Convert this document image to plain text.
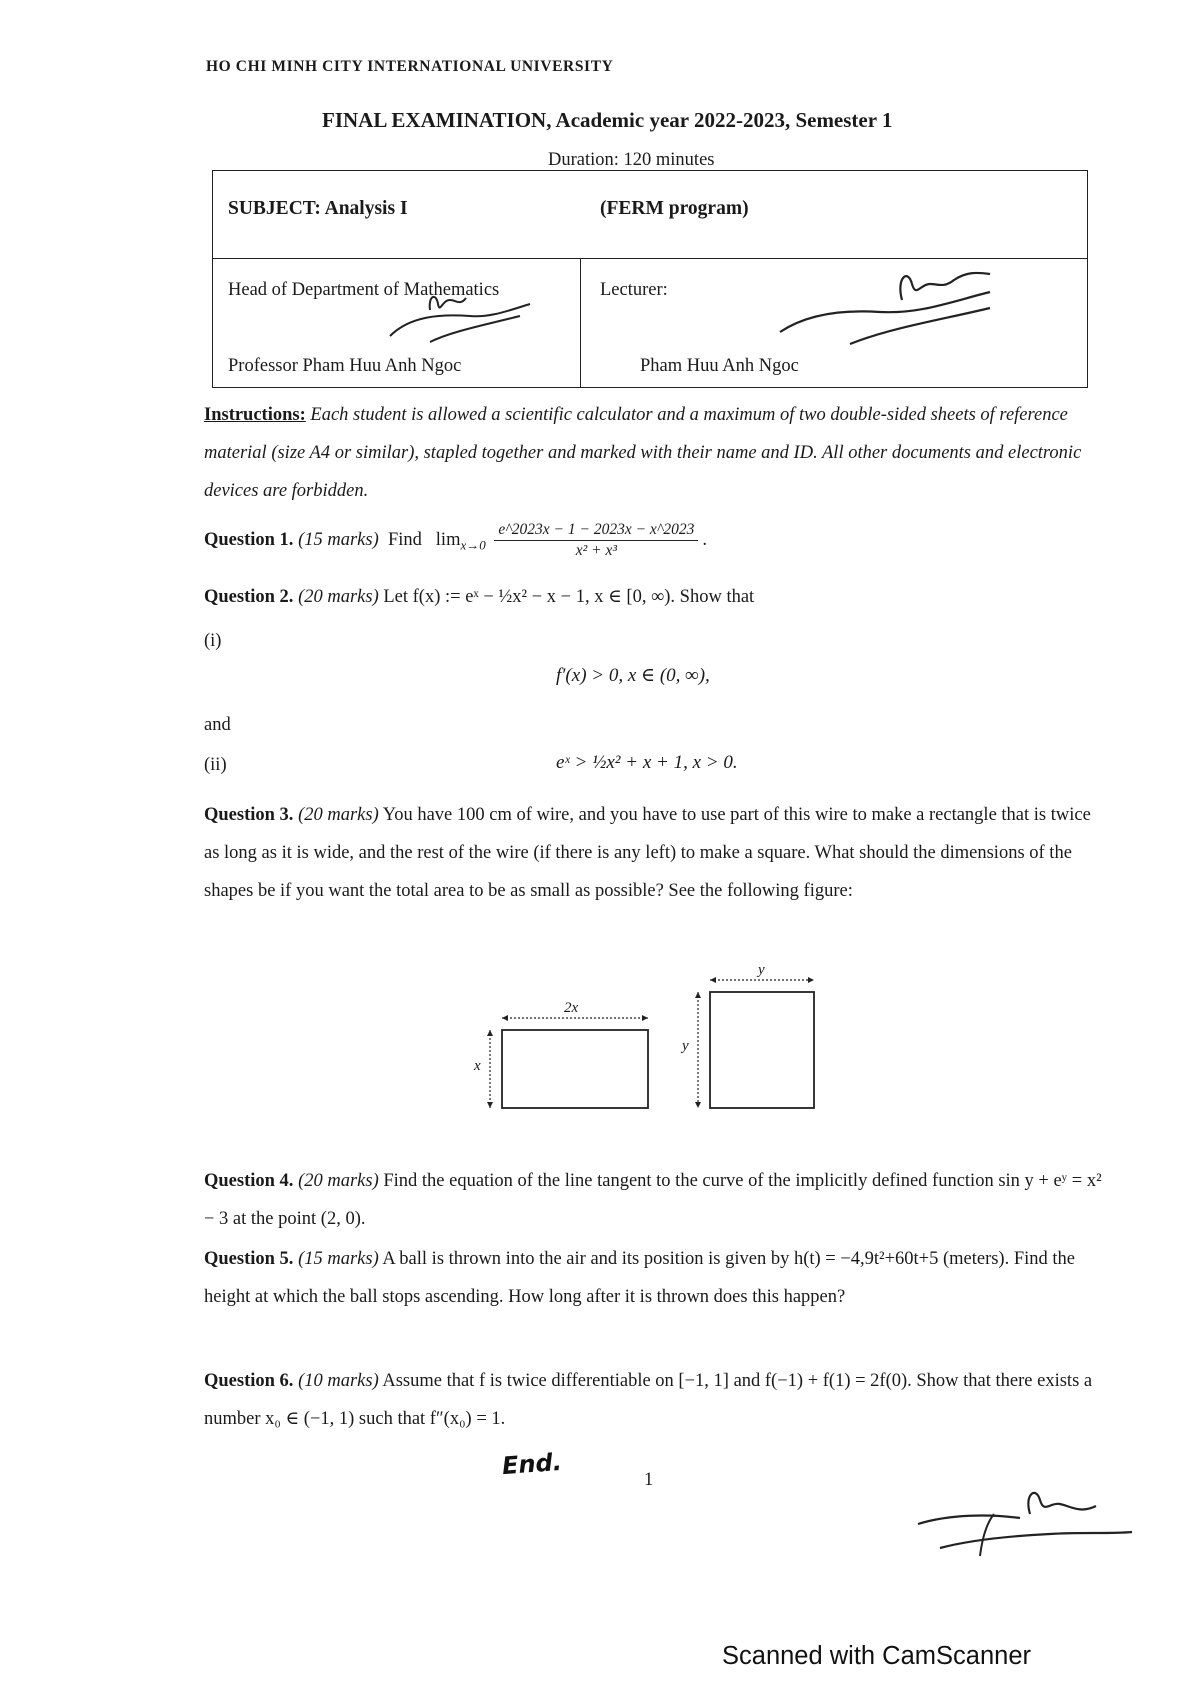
HO CHI MINH CITY INTERNATIONAL UNIVERSITY
FINAL EXAMINATION, Academic year 2022-2023, Semester 1
Duration: 120 minutes
SUBJECT: Analysis I	(FERM program)
Head of Department of Mathematics	Lecturer:
Professor Pham Huu Anh Ngoc	Pham Huu Anh Ngoc
Instructions: Each student is allowed a scientific calculator and a maximum of two double-sided sheets of reference material (size A4 or similar), stapled together and marked with their name and ID. All other documents and electronic devices are forbidden.
Question 1. (15 marks) Find $\lim_{x\to 0} \frac{e\^{}2023x - 1 - 2023x - x\^{}2023}{\text{x² + x³}}$ .
Question 2. (20 marks) Let f(x) := eˣ − ½x² − x − 1, x ∈ [0, ∞). Show that
(i)
f′(x) > 0, x ∈ (0, ∞),
and
(ii)	eˣ > ½x² + x + 1, x > 0.
Question 3. (20 marks) You have 100 cm of wire, and you have to use part of this wire to make a rectangle that is twice as long as it is wide, and the rest of the wire (if there is any left) to make a square. What should the dimensions of the shapes be if you want the total area to be as small as possible? See the following figure:
2x
x
y
y
Question 4. (20 marks) Find the equation of the line tangent to the curve of the implicitly defined function sin y + eʸ = x² − 3 at the point (2, 0).
Question 5. (15 marks) A ball is thrown into the air and its position is given by h(t) = −4,9t²+60t+5 (meters). Find the height at which the ball stops ascending. How long after it is thrown does this happen?
Question 6. (10 marks) Assume that f is twice differentiable on [−1, 1] and f(−1) + f(1) = 2f(0). Show that there exists a number x₀ ∈ (−1, 1) such that f″(x₀) = 1.
End.	1
Scanned with CamScanner
